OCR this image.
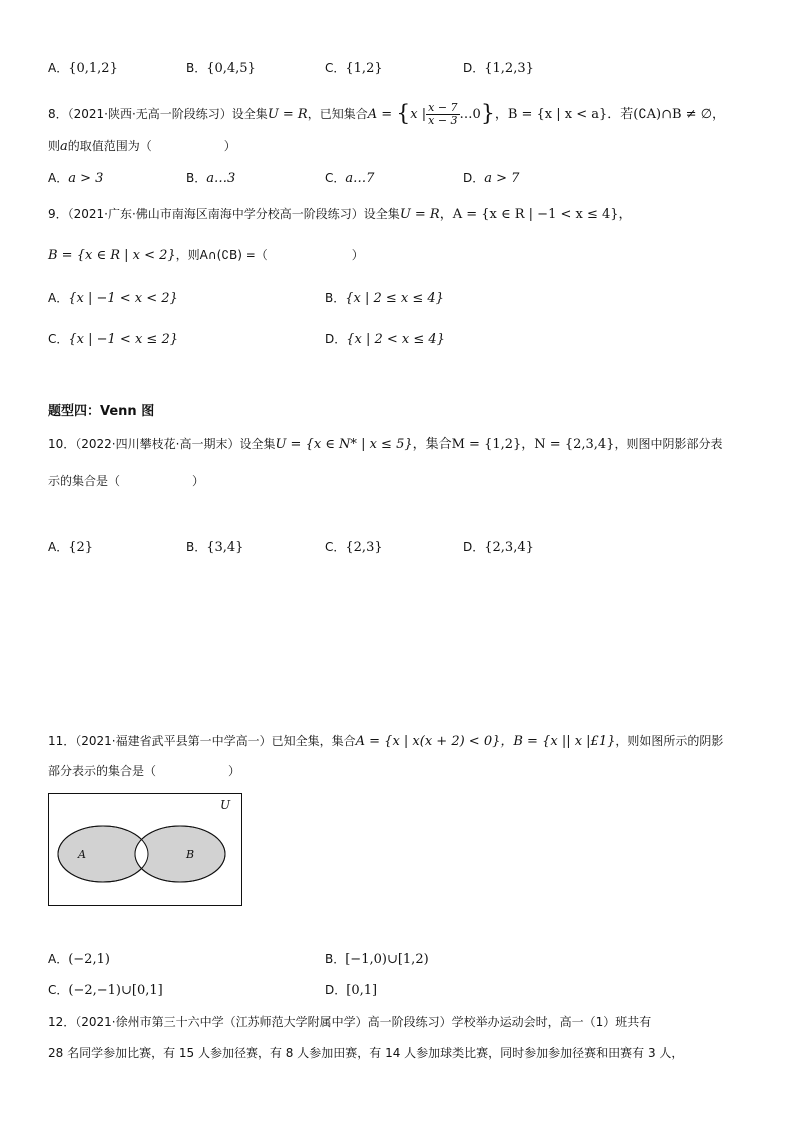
A．{0,1,2}	B．{0,4,5}	C．{1,2}	D．{1,2,3}
8．（2021·陕西·无高一阶段练习）设全集U = R，已知集合A = {x | $\frac{x - 7}{x - 3}$ …0}，B = {x | x < a}．若(∁A)∩B ≠ ∅，
则a的取值范围为（　　　　　　）
A．a > 3	B．a…3	C．a…7	D．a > 7
9．（2021·广东·佛山市南海区南海中学分校高一阶段练习）设全集U = R，A = {x ∈ R | −1 < x ≤ 4}，
B = {x ∈ R | x < 2}，则A∩(∁B) =（　　　　　　　）
A．{x | −1 < x < 2}	B．{x | 2 ≤ x ≤ 4}
C．{x | −1 < x ≤ 2}	D．{x | 2 < x ≤ 4}
题型四：Venn 图
10．（2022·四川攀枝花·高一期末）设全集U = {x ∈ N* | x ≤ 5}，集合M = {1,2}，N = {2,3,4}，则图中阴影部分表
示的集合是（　　　　　　）
A．{2}	B．{3,4}	C．{2,3}	D．{2,3,4}
11．（2021·福建省武平县第一中学高一）已知全集，集合A = {x | x(x + 2) < 0}，B = {x || x |£1}，则如图所示的阴影
部分表示的集合是（　　　　　　）
U
A	B
A．(−2,1)	B．[−1,0)∪[1,2)
C．(−2,−1)∪[0,1]	D．[0,1]
12．（2021·徐州市第三十六中学（江苏师范大学附属中学）高一阶段练习）学校举办运动会时，高一（1）班共有
28 名同学参加比赛，有 15 人参加径赛，有 8 人参加田赛，有 14 人参加球类比赛，同时参加参加径赛和田赛有 3 人，
